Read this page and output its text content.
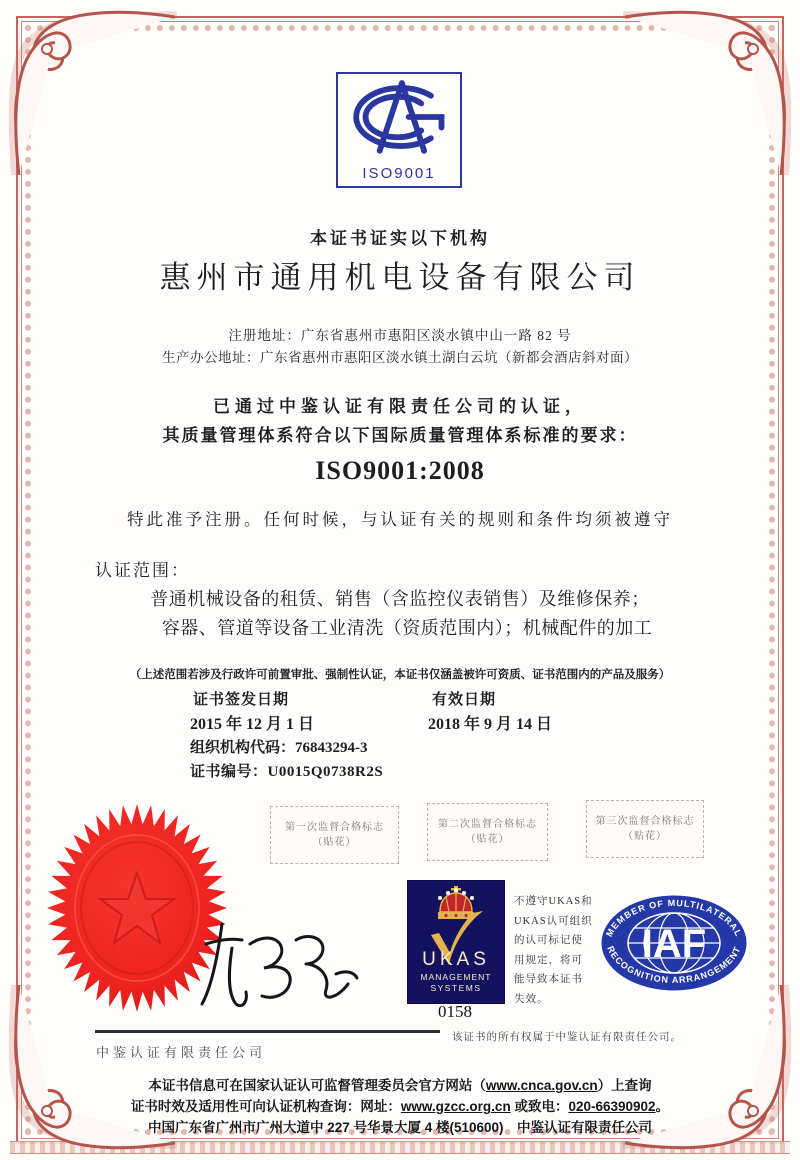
ISO9001
本证书证实以下机构
惠州市通用机电设备有限公司
注册地址：广东省惠州市惠阳区淡水镇中山一路 82 号
生产办公地址：广东省惠州市惠阳区淡水镇土湖白云坑（新都会酒店斜对面）
已通过中鉴认证有限责任公司的认证，
其质量管理体系符合以下国际质量管理体系标准的要求：
ISO9001:2008
特此准予注册。任何时候，与认证有关的规则和条件均须被遵守
认证范围：
普通机械设备的租赁、销售（含监控仪表销售）及维修保养；
容器、管道等设备工业清洗（资质范围内）；机械配件的加工
（上述范围若涉及行政许可前置审批、强制性认证，本证书仅涵盖被许可资质、证书范围内的产品及服务）
证书签发日期	有效日期
2015 年 12 月 1 日	2018 年 9 月 14 日
组织机构代码：76843294-3
证书编号：U0015Q0738R2S
第一次监督合格标志
（贴花）
第二次监督合格标志
（贴花）
第三次监督合格标志
（贴花）
UKAS
MANAGEMENT
SYSTEMS
0158
不遵守UKAS和
UKAS认可组织
的认可标记使
用规定，将可
能导致本证书
失效。
MEMBER OF MULTILATERAL
RECOGNITION ARRANGEMENT
IAF
中鉴认证有限责任公司
该证书的所有权属于中鉴认证有限责任公司。
本证书信息可在国家认证认可监督管理委员会官方网站（www.cnca.gov.cn）上查询
证书时效及适用性可向认证机构查询：网址：www.gzcc.org.cn 或致电：020-66390902。
中国广东省广州市广州大道中 227 号华景大厦 4 楼(510600)　中鉴认证有限责任公司
